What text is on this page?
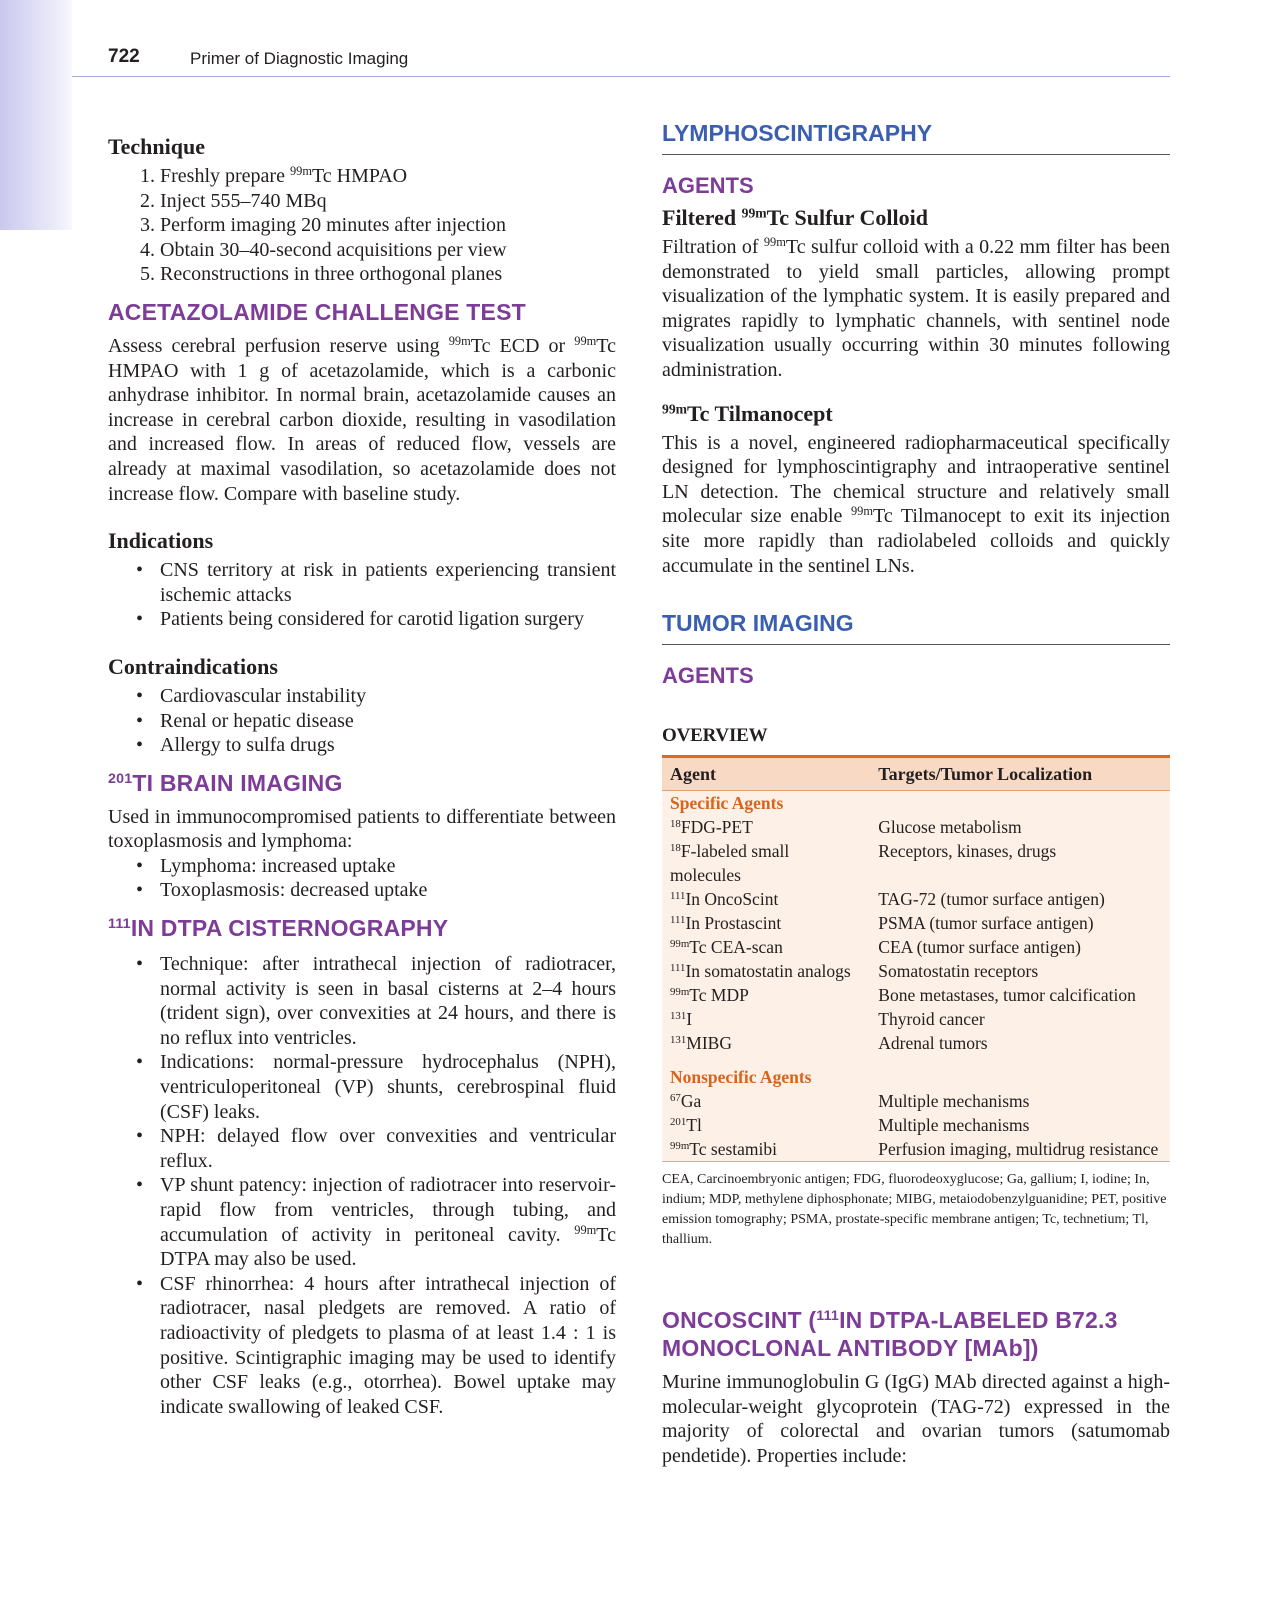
722	Primer of Diagnostic Imaging
Technique
1. Freshly prepare $^{99m}$Tc HMPAO
2. Inject 555–740 MBq
3. Perform imaging 20 minutes after injection
4. Obtain 30–40-second acquisitions per view
5. Reconstructions in three orthogonal planes
ACETAZOLAMIDE CHALLENGE TEST

Assess cerebral perfusion reserve using $^{99m}$Tc ECD or $^{99m}$Tc HMPAO with 1 g of acetazolamide, which is a carbonic anhydrase inhibitor. In normal brain, acetazolamide causes an increase in cerebral carbon dioxide, resulting in vasodilation and increased flow. In areas of reduced flow, vessels are already at maximal vasodilation, so acetazolamide does not increase flow. Compare with baseline study.

Indications
• CNS territory at risk in patients experiencing transient ischemic attacks
• Patients being considered for carotid ligation surgery
Contraindications
• Cardiovascular instability
• Renal or hepatic disease
• Allergy to sulfa drugs
$^{201}$TI BRAIN IMAGING

Used in immunocompromised patients to differentiate between toxoplasmosis and lymphoma:

• Lymphoma: increased uptake
• Toxoplasmosis: decreased uptake
$^{111}$IN DTPA CISTERNOGRAPHY
• Technique: after intrathecal injection of radiotracer, normal activity is seen in basal cisterns at 2–4 hours (trident sign), over convexities at 24 hours, and there is no reflux into ventricles.
• Indications: normal-pressure hydrocephalus (NPH), ventriculoperitoneal (VP) shunts, cerebrospinal fluid (CSF) leaks.
• NPH: delayed flow over convexities and ventricular reflux.
• VP shunt patency: injection of radiotracer into reservoir-rapid flow from ventricles, through tubing, and accumulation of activity in peritoneal cavity. $^{99m}$Tc DTPA may also be used.
• CSF rhinorrhea: 4 hours after intrathecal injection of radiotracer, nasal pledgets are removed. A ratio of radioactivity of pledgets to plasma of at least 1.4 : 1 is positive. Scintigraphic imaging may be used to identify other CSF leaks (e.g., otorrhea). Bowel uptake may indicate swallowing of leaked CSF.
LYMPHOSCINTIGRAPHY
AGENTS
Filtered $^{99m}$Tc Sulfur Colloid

Filtration of $^{99m}$Tc sulfur colloid with a 0.22 mm filter has been demonstrated to yield small particles, allowing prompt visualization of the lymphatic system. It is easily prepared and migrates rapidly to lymphatic channels, with sentinel node visualization usually occurring within 30 minutes following administration.

$^{99m}$Tc Tilmanocept

This is a novel, engineered radiopharmaceutical specifically designed for lymphoscintigraphy and intraoperative sentinel LN detection. The chemical structure and relatively small molecular size enable $^{99m}$Tc Tilmanocept to exit its injection site more rapidly than radiolabeled colloids and quickly accumulate in the sentinel LNs.

TUMOR IMAGING
AGENTS
OVERVIEW
Agent	Targets/Tumor Localization
Specific Agents	
$^{18}$FDG-PET	Glucose metabolism
$^{18}$F-labeled small molecules	Receptors, kinases, drugs
$^{111}$In OncoScint	TAG-72 (tumor surface antigen)
$^{111}$In Prostascint	PSMA (tumor surface antigen)
$^{99m}$Tc CEA-scan	CEA (tumor surface antigen)
$^{111}$In somatostatin analogs	Somatostatin receptors
$^{99m}$Tc MDP	Bone metastases, tumor calcification
$^{131}$I	Thyroid cancer
$^{131}$MIBG	Adrenal tumors
Nonspecific Agents	
$^{67}$Ga	Multiple mechanisms
$^{201}$Tl	Multiple mechanisms
$^{99m}$Tc sestamibi	Perfusion imaging, multidrug resistance

CEA, Carcinoembryonic antigen; FDG, fluorodeoxyglucose; Ga, gallium; I, iodine; In, indium; MDP, methylene diphosphonate; MIBG, metaiodobenzylguanidine; PET, positive emission tomography; PSMA, prostate-specific membrane antigen; Tc, technetium; Tl, thallium.

ONCOSCINT ($^{111}$IN DTPA-LABELED B72.3 MONOCLONAL ANTIBODY [MAb])

Murine immunoglobulin G (IgG) MAb directed against a high-molecular-weight glycoprotein (TAG-72) expressed in the majority of colorectal and ovarian tumors (satumomab pendetide). Properties include:
